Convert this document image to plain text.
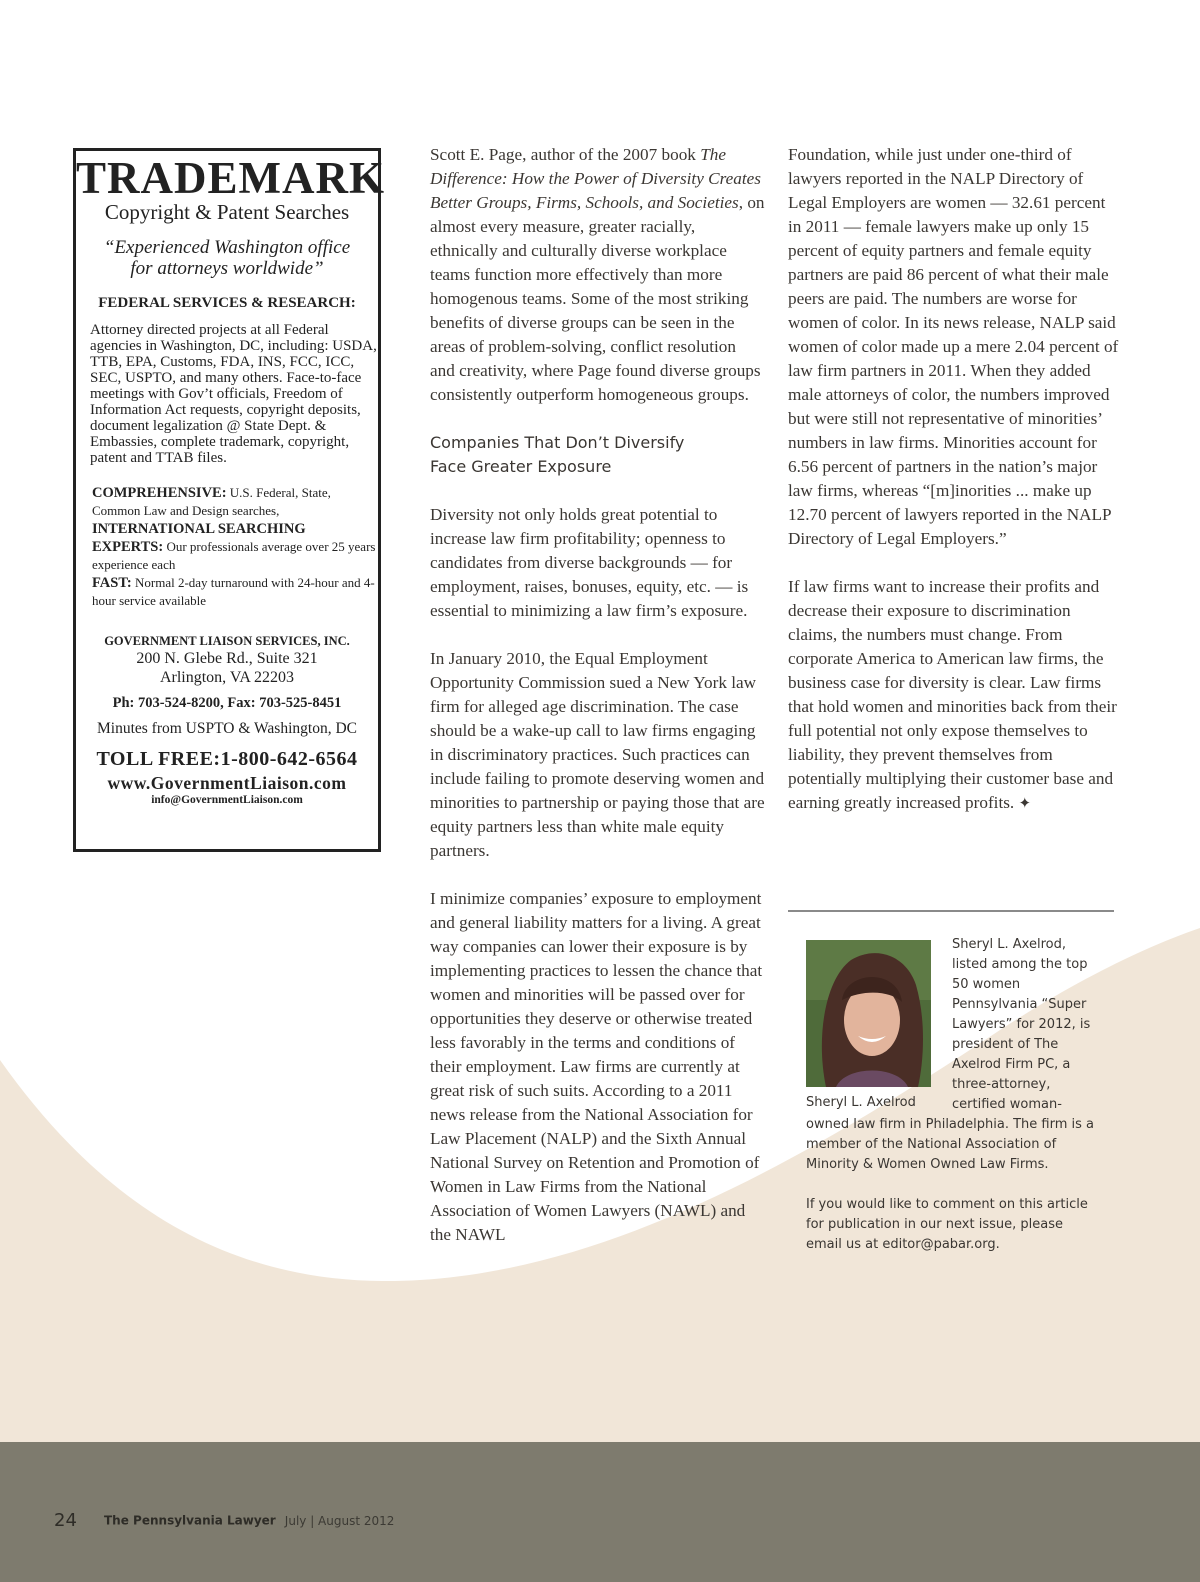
24 The Pennsylvania Lawyer July | August 2012
TRADEMARK
Copyright & Patent Searches
“Experienced Washington office
for attorneys worldwide”
FEDERAL SERVICES & RESEARCH:
Attorney directed projects at all Federal agencies in Washington, DC, including: USDA, TTB, EPA, Customs, FDA, INS, FCC, ICC, SEC, USPTO, and many others. Face-to-face meetings with Gov’t officials, Freedom of Information Act requests, copyright deposits, document legalization @ State Dept. & Embassies, complete trademark, copyright, patent and TTAB files.
COMPREHENSIVE: U.S. Federal, State, Common Law and Design searches,
INTERNATIONAL SEARCHING EXPERTS: Our professionals average over 25 years experience each
FAST: Normal 2-day turnaround with 24-hour and 4-hour service available
GOVERNMENT LIAISON SERVICES, INC.
200 N. Glebe Rd., Suite 321
Arlington, VA 22203
Ph: 703-524-8200, Fax: 703-525-8451
Minutes from USPTO & Washington, DC
TOLL FREE:1-800-642-6564
www.GovernmentLiaison.com
info@GovernmentLiaison.com

Scott E. Page, author of the 2007 book The Difference: How the Power of Diversity Creates Better Groups, Firms, Schools, and Societies, on almost every measure, greater racially, ethnically and culturally diverse workplace teams function more effectively than more homogenous teams. Some of the most striking benefits of diverse groups can be seen in the areas of problem-solving, conflict resolution and creativity, where Page found diverse groups consistently outperform homogeneous groups.

Companies That Don’t Diversify
Face Greater Exposure

Diversity not only holds great potential to increase law firm profitability; openness to candidates from diverse backgrounds — for employment, raises, bonuses, equity, etc. — is essential to minimizing a law firm’s exposure.

In January 2010, the Equal Employment Opportunity Commission sued a New York law firm for alleged age discrimination. The case should be a wake-up call to law firms engaging in discriminatory practices. Such practices can include failing to promote deserving women and minorities to partnership or paying those that are equity partners less than white male equity partners.

I minimize companies’ exposure to employment and general liability matters for a living. A great way companies can lower their exposure is by implementing practices to lessen the chance that women and minorities will be passed over for opportunities they deserve or otherwise treated less favorably in the terms and conditions of their employment. Law firms are currently at great risk of such suits. According to a 2011 news release from the National Association for Law Placement (NALP) and the Sixth Annual National Survey on Retention and Promotion of Women in Law Firms from the National Association of Women Lawyers (NAWL) and the NAWL

Foundation, while just under one-third of lawyers reported in the NALP Directory of Legal Employers are women — 32.61 percent in 2011 — female lawyers make up only 15 percent of equity partners and female equity partners are paid 86 percent of what their male peers are paid. The numbers are worse for women of color. In its news release, NALP said women of color made up a mere 2.04 percent of law firm partners in 2011. When they added male attorneys of color, the numbers improved but were still not representative of minorities’ numbers in law firms. Minorities account for 6.56 percent of partners in the nation’s major law firms, whereas “[m]inorities ... make up 12.70 percent of lawyers reported in the NALP Directory of Legal Employers.”

If law firms want to increase their profits and decrease their exposure to discrimination claims, the numbers must change. From corporate America to American law firms, the business case for diversity is clear. Law firms that hold women and minorities back from their full potential not only expose themselves to liability, they prevent themselves from potentially multiplying their customer base and earning greatly increased profits. ✦

Sheryl L. Axelrod

Sheryl L. Axelrod, listed among the top 50 women Pennsylvania “Super Lawyers” for 2012, is president of The Axelrod Firm PC, a three-attorney, certified woman-owned law firm in Philadelphia. The firm is a member of the National Association of Minority & Women Owned Law Firms.

If you would like to comment on this article for publication in our next issue, please email us at editor@pabar.org.
